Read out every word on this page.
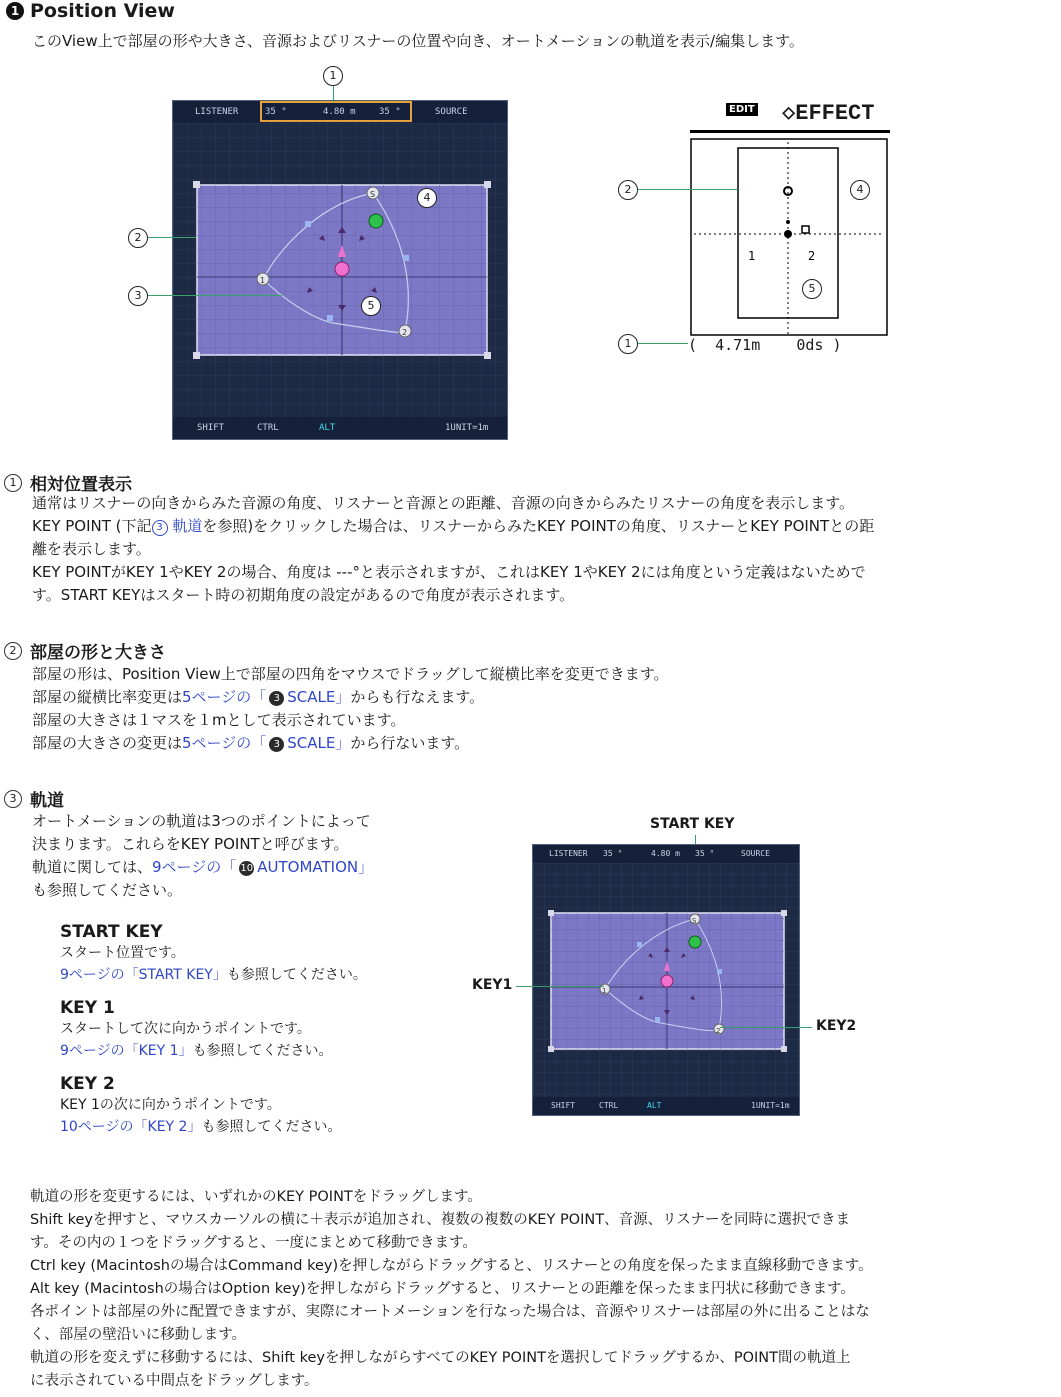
1 Position View
このView上で部屋の形や大きさ、音源およびリスナーの位置や向き、オートメーションの軌道を表示/編集します。
LISTENER	35 °	4.80 m	35 °	SOURCE
S
1
2
SHIFT	CTRL	ALT	1UNIT=1m
1
2
3
4
5
EDIT ◇EFFECT
1	2
(  4.71m    0ds )
2	4
5
1
1 相対位置表示
通常はリスナーの向きからみた音源の角度、リスナーと音源との距離、音源の向きからみたリスナーの角度を表示します。
KEY POINT (下記 3 軌道を参照)をクリックした場合は、リスナーからみたKEY POINTの角度、リスナーとKEY POINTとの距
離を表示します。
KEY POINTがKEY 1やKEY 2の場合、角度は ---°と表示されますが、これはKEY 1やKEY 2には角度という定義はないためで
す。START KEYはスタート時の初期角度の設定があるので角度が表示されます。
2 部屋の形と大きさ
部屋の形は、Position View上で部屋の四角をマウスでドラッグして縦横比率を変更できます。
部屋の縦横比率変更は5ページの「 3 SCALE」からも行なえます。
部屋の大きさは１マスを１mとして表示されています。
部屋の大きさの変更は5ページの「 3 SCALE」から行ないます。
3 軌道
オートメーションの軌道は3つのポイントによって
決まります。これらをKEY POINTと呼びます。
軌道に関しては、9ページの「 10 AUTOMATION」
も参照してください。
START KEY
スタート位置です。
9ページの「START KEY」も参照してください。
KEY 1
スタートして次に向かうポイントです。
9ページの「KEY 1」も参照してください。
KEY 2
KEY 1の次に向かうポイントです。
10ページの「KEY 2」も参照してください。
START KEY
LISTENER 35 °	4.80 m 35 °	SOURCE
S
1
2
SHIFT	CTRL	ALT	1UNIT=1m
KEY1
KEY2
軌道の形を変更するには、いずれかのKEY POINTをドラッグします。
Shift keyを押すと、マウスカーソルの横に＋表示が追加され、複数の複数のKEY POINT、音源、リスナーを同時に選択できま
す。その内の１つをドラッグすると、一度にまとめて移動できます。
Ctrl key (Macintoshの場合はCommand key)を押しながらドラッグすると、リスナーとの角度を保ったまま直線移動できます。
Alt key (Macintoshの場合はOption key)を押しながらドラッグすると、リスナーとの距離を保ったまま円状に移動できます。
各ポイントは部屋の外に配置できますが、実際にオートメーションを行なった場合は、音源やリスナーは部屋の外に出ることはな
く、部屋の壁沿いに移動します。
軌道の形を変えずに移動するには、Shift keyを押しながらすべてのKEY POINTを選択してドラッグするか、POINT間の軌道上
に表示されている中間点をドラッグします。
